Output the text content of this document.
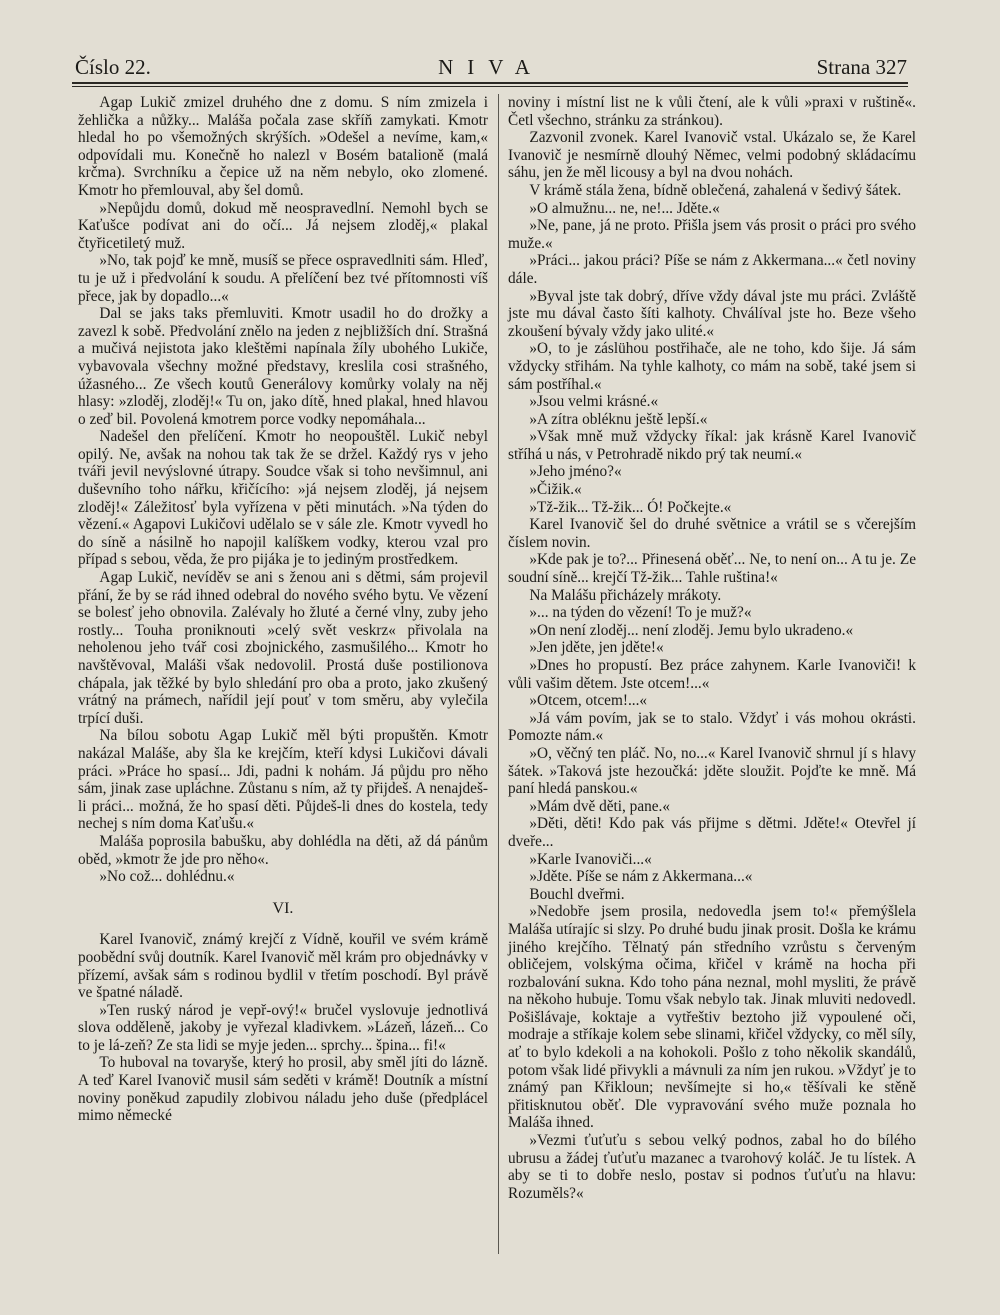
Číslo 22.	NIVA	Strana 327

Agap Lukič zmizel druhého dne z domu. S ním zmizela i žehlička a nůžky... Maláša počala zase skříň zamykati. Kmotr hledal ho po všemožných skrýších. »Odešel a nevíme, kam,« odpovídali mu. Konečně ho nalezl v Bosém batalioně (malá krčma). Svrchníku a čepice už na něm nebylo, oko zlomené. Kmotr ho přemlouval, aby šel domů.

»Nepůjdu domů, dokud mě neospravedlní. Nemohl bych se Kaťušce podívat ani do očí... Já nejsem zloděj,« plakal čtyřicetiletý muž.

»No, tak pojď ke mně, musíš se přece ospravedlniti sám. Hleď, tu je už i předvolání k soudu. A přelíčení bez tvé přítomnosti víš přece, jak by dopadlo...«

Dal se jaks taks přemluviti. Kmotr usadil ho do drožky a zavezl k sobě. Předvolání znělo na jeden z nejbližších dní. Strašná a mučivá nejistota jako kleštěmi napínala žíly ubohého Lukiče, vybavovala všechny možné představy, kreslila cosi strašného, úžasného... Ze všech koutů Generálovy komůrky volaly na něj hlasy: »zloděj, zloděj!« Tu on, jako dítě, hned plakal, hned hlavou o zeď bil. Povolená kmotrem porce vodky nepomáhala...

Nadešel den přelíčení. Kmotr ho neopouštěl. Lukič nebyl opilý. Ne, avšak na nohou tak tak že se držel. Každý rys v jeho tváři jevil nevýslovné útrapy. Soudce však si toho nevšimnul, ani duševního toho nářku, křičícího: »já nejsem zloděj, já nejsem zloděj!« Záležitosť byla vyřízena v pěti minutách. »Na týden do vězení.« Agapovi Lukičovi udělalo se v sále zle. Kmotr vyvedl ho do síně a násilně ho napojil kalíškem vodky, kterou vzal pro případ s sebou, věda, že pro pijáka je to jediným prostředkem.

Agap Lukič, nevíděv se ani s ženou ani s dětmi, sám projevil přání, že by se rád ihned odebral do nového svého bytu. Ve vězení se bolesť jeho obnovila. Zalévaly ho žluté a černé vlny, zuby jeho rostly... Touha proniknouti »celý svět veskrz« přivolala na neholenou jeho tvář cosi zbojnického, zasmušilého... Kmotr ho navštěvoval, Maláši však nedovolil. Prostá duše postilionova chápala, jak těžké by bylo shledání pro oba a proto, jako zkušený vrátný na prámech, nařídil její pouť v tom směru, aby vylečila trpící duši.

Na bílou sobotu Agap Lukič měl býti propuštěn. Kmotr nakázal Maláše, aby šla ke krejčím, kteří kdysi Lukičovi dávali práci. »Práce ho spasí... Jdi, padni k nohám. Já půjdu pro něho sám, jinak zase upláchne. Zůstanu s ním, až ty přijdeš. A nenajdeš-li práci... možná, že ho spasí děti. Půjdeš-li dnes do kostela, tedy nechej s ním doma Kaťušu.«

Maláša poprosila babušku, aby dohlédla na děti, až dá pánům oběd, »kmotr že jde pro něho«.

»No což... dohlédnu.«

VI.

Karel Ivanovič, známý krejčí z Vídně, kouřil ve svém krámě poobědní svůj doutník. Karel Ivanovič měl krám pro objednávky v přízemí, avšak sám s rodinou bydlil v třetím poschodí. Byl právě ve špatné náladě.

»Ten ruský národ je vepř-ový!« bručel vyslovuje jednotlivá slova odděleně, jakoby je vyřezal kladivkem. »Lázeň, lázeň... Co to je lá-zeň? Ze sta lidi se myje jeden... sprchy... špina... fi!«

To huboval na tovaryše, který ho prosil, aby směl jíti do lázně. A teď Karel Ivanovič musil sám seděti v krámě! Doutník a místní noviny poněkud zapudily zlobivou náladu jeho duše (předplácel mimo německé

noviny i místní list ne k vůli čtení, ale k vůli »praxi v ruštině«. Četl všechno, stránku za stránkou).

Zazvonil zvonek. Karel Ivanovič vstal. Ukázalo se, že Karel Ivanovič je nesmírně dlouhý Němec, velmi podobný skládacímu sáhu, jen že měl licousy a byl na dvou nohách.

V krámě stála žena, bídně oblečená, zahalená v šedivý šátek.

»O almužnu... ne, ne!... Jděte.«

»Ne, pane, já ne proto. Přišla jsem vás prosit o práci pro svého muže.«

»Práci... jakou práci? Píše se nám z Akkermana...« četl noviny dále.

»Byval jste tak dobrý, dříve vždy dával jste mu práci. Zvláště jste mu dával často šíti kalhoty. Chválíval jste ho. Beze všeho zkoušení bývaly vždy jako ulité.«

»O, to je záslühou postřihače, ale ne toho, kdo šije. Já sám vždycky střihám. Na tyhle kalhoty, co mám na sobě, také jsem si sám postříhal.«

»Jsou velmi krásné.«

»A zítra obléknu ještě lepší.«

»Však mně muž vždycky říkal: jak krásně Karel Ivanovič stříhá u nás, v Petrohradě nikdo prý tak neumí.«

»Jeho jméno?«

»Čižik.«

»Tž-žik... Tž-žik... Ó! Počkejte.«

Karel Ivanovič šel do druhé světnice a vrátil se s včerejším číslem novin.

»Kde pak je to?... Přinesená oběť... Ne, to není on... A tu je. Ze soudní síně... krejčí Tž-žik... Tahle ruština!«

Na Malášu přicházely mrákoty.

»... na týden do vězení! To je muž?«

»On není zloděj... není zloděj. Jemu bylo ukradeno.«

»Jen jděte, jen jděte!«

»Dnes ho propustí. Bez práce zahynem. Karle Ivanoviči! k vůli vašim dětem. Jste otcem!...«

»Otcem, otcem!...«

»Já vám povím, jak se to stalo. Vždyť i vás mohou okrásti. Pomozte nám.«

»O, věčný ten pláč. No, no...« Karel Ivanovič shrnul jí s hlavy šátek. »Taková jste hezoučká: jděte sloužit. Pojďte ke mně. Má paní hledá panskou.«

»Mám dvě děti, pane.«

»Děti, děti! Kdo pak vás přijme s dětmi. Jděte!« Otevřel jí dveře...

»Karle Ivanoviči...«

»Jděte. Píše se nám z Akkermana...«

Bouchl dveřmi.

»Nedobře jsem prosila, nedovedla jsem to!« přemýšlela Maláša utírajíc si slzy. Po druhé budu jinak prosit. Došla ke krámu jiného krejčího. Tělnatý pán středního vzrůstu s červeným obličejem, volskýma očima, křičel v krámě na hocha při rozbalování sukna. Kdo toho pána neznal, mohl mysliti, že právě na někoho hubuje. Tomu však nebylo tak. Jinak mluviti nedovedl. Pošišlávaje, koktaje a vytřeštiv beztoho již vypoulené oči, modraje a stříkaje kolem sebe slinami, křičel vždycky, co měl síly, ať to bylo kdekoli a na kohokoli. Pošlo z toho několik skandálů, potom však lidé přivykli a mávnuli za ním jen rukou. »Vždyť je to známý pan Křikloun; nevšímejte si ho,« těšívali ke stěně přitisknutou oběť. Dle vypravování svého muže poznala ho Maláša ihned.

»Vezmi ťuťuťu s sebou velký podnos, zabal ho do bílého ubrusu a žádej ťuťuťu mazanec a tvarohový koláč. Je tu lístek. A aby se ti to dobře neslo, postav si podnos ťuťuťu na hlavu: Rozuměls?«
